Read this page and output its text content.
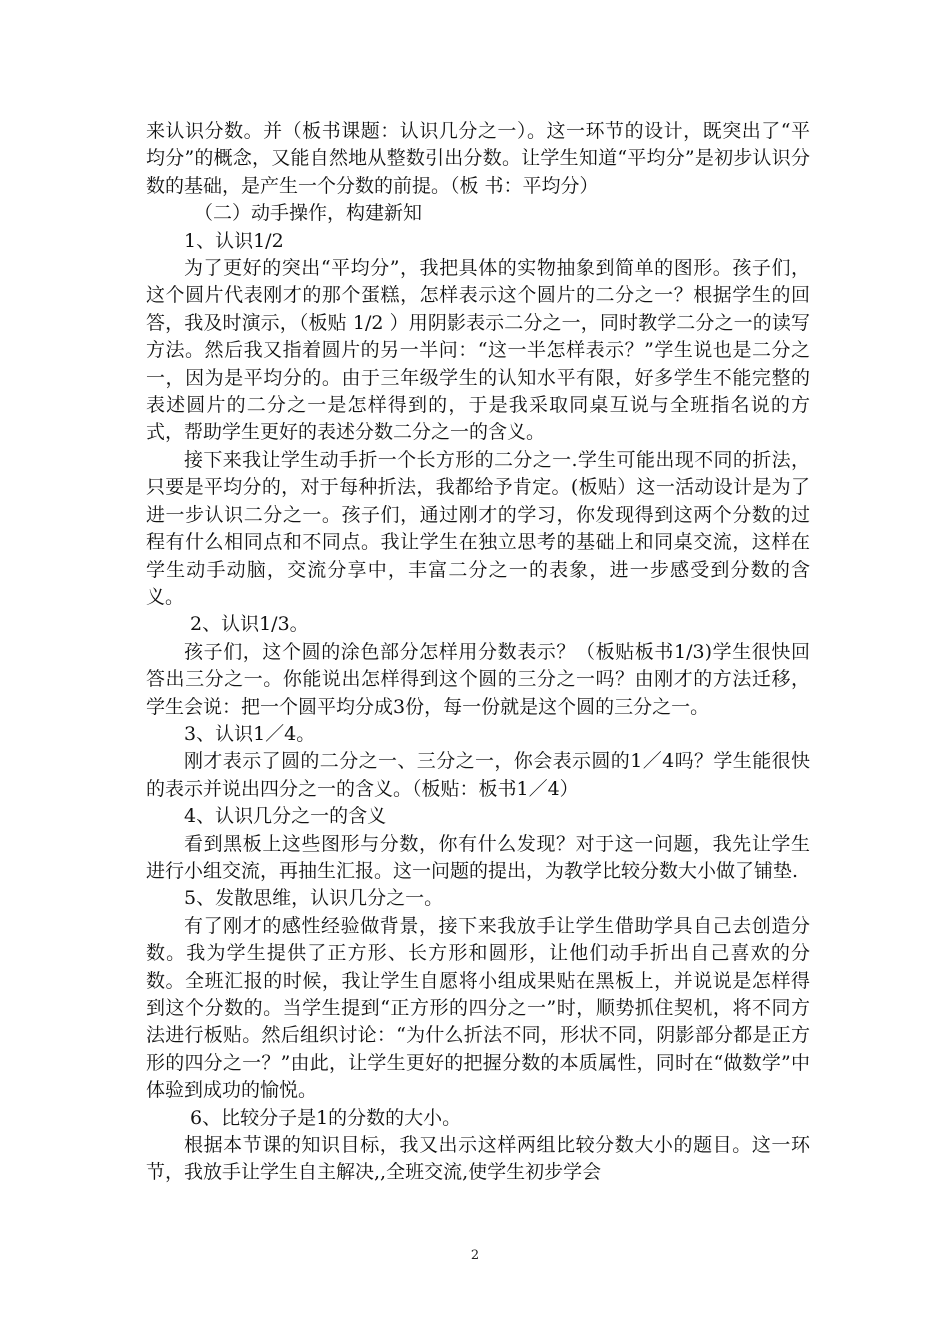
来认识分数。并（板书课题：认识几分之一）。这一环节的设计，既突出了“平均分”的概念，又能自然地从整数引出分数。让学生知道“平均分”是初步认识分数的基础，是产生一个分数的前提。（板 书：平均分）

（二）动手操作，构建新知

1、认识1/2

为了更好的突出“平均分”，我把具体的实物抽象到简单的图形。孩子们，这个圆片代表刚才的那个蛋糕，怎样表示这个圆片的二分之一？根据学生的回答，我及时演示，（板贴 1/2 ）用阴影表示二分之一，同时教学二分之一的读写方法。然后我又指着圆片的另一半问：“这一半怎样表示？”学生说也是二分之一，因为是平均分的。由于三年级学生的认知水平有限，好多学生不能完整的表述圆片的二分之一是怎样得到的，于是我采取同桌互说与全班指名说的方式，帮助学生更好的表述分数二分之一的含义。

接下来我让学生动手折一个长方形的二分之一.学生可能出现不同的折法，只要是平均分的，对于每种折法，我都给予肯定。(板贴）这一活动设计是为了进一步认识二分之一。孩子们，通过刚才的学习，你发现得到这两个分数的过程有什么相同点和不同点。我让学生在独立思考的基础上和同桌交流，这样在学生动手动脑，交流分享中，丰富二分之一的表象，进一步感受到分数的含义。

2、认识1/3。

孩子们，这个圆的涂色部分怎样用分数表示？（板贴板书1/3)学生很快回答出三分之一。你能说出怎样得到这个圆的三分之一吗？由刚才的方法迁移，学生会说：把一个圆平均分成3份，每一份就是这个圆的三分之一。

3、认识1／4。

刚才表示了圆的二分之一、三分之一，你会表示圆的1／4吗？学生能很快的表示并说出四分之一的含义。（板贴：板书1／4）

4、认识几分之一的含义

看到黑板上这些图形与分数，你有什么发现？对于这一问题，我先让学生进行小组交流，再抽生汇报。这一问题的提出，为教学比较分数大小做了铺垫.

5、发散思维，认识几分之一。

有了刚才的感性经验做背景，接下来我放手让学生借助学具自己去创造分数。我为学生提供了正方形、长方形和圆形，让他们动手折出自己喜欢的分数。全班汇报的时候，我让学生自愿将小组成果贴在黑板上，并说说是怎样得到这个分数的。当学生提到“正方形的四分之一”时，顺势抓住契机，将不同方法进行板贴。然后组织讨论：“为什么折法不同，形状不同，阴影部分都是正方形的四分之一？”由此，让学生更好的把握分数的本质属性，同时在“做数学”中体验到成功的愉悦。

6、比较分子是1的分数的大小。

根据本节课的知识目标，我又出示这样两组比较分数大小的题目。这一环节，我放手让学生自主解决,,全班交流,使学生初步学会

2
